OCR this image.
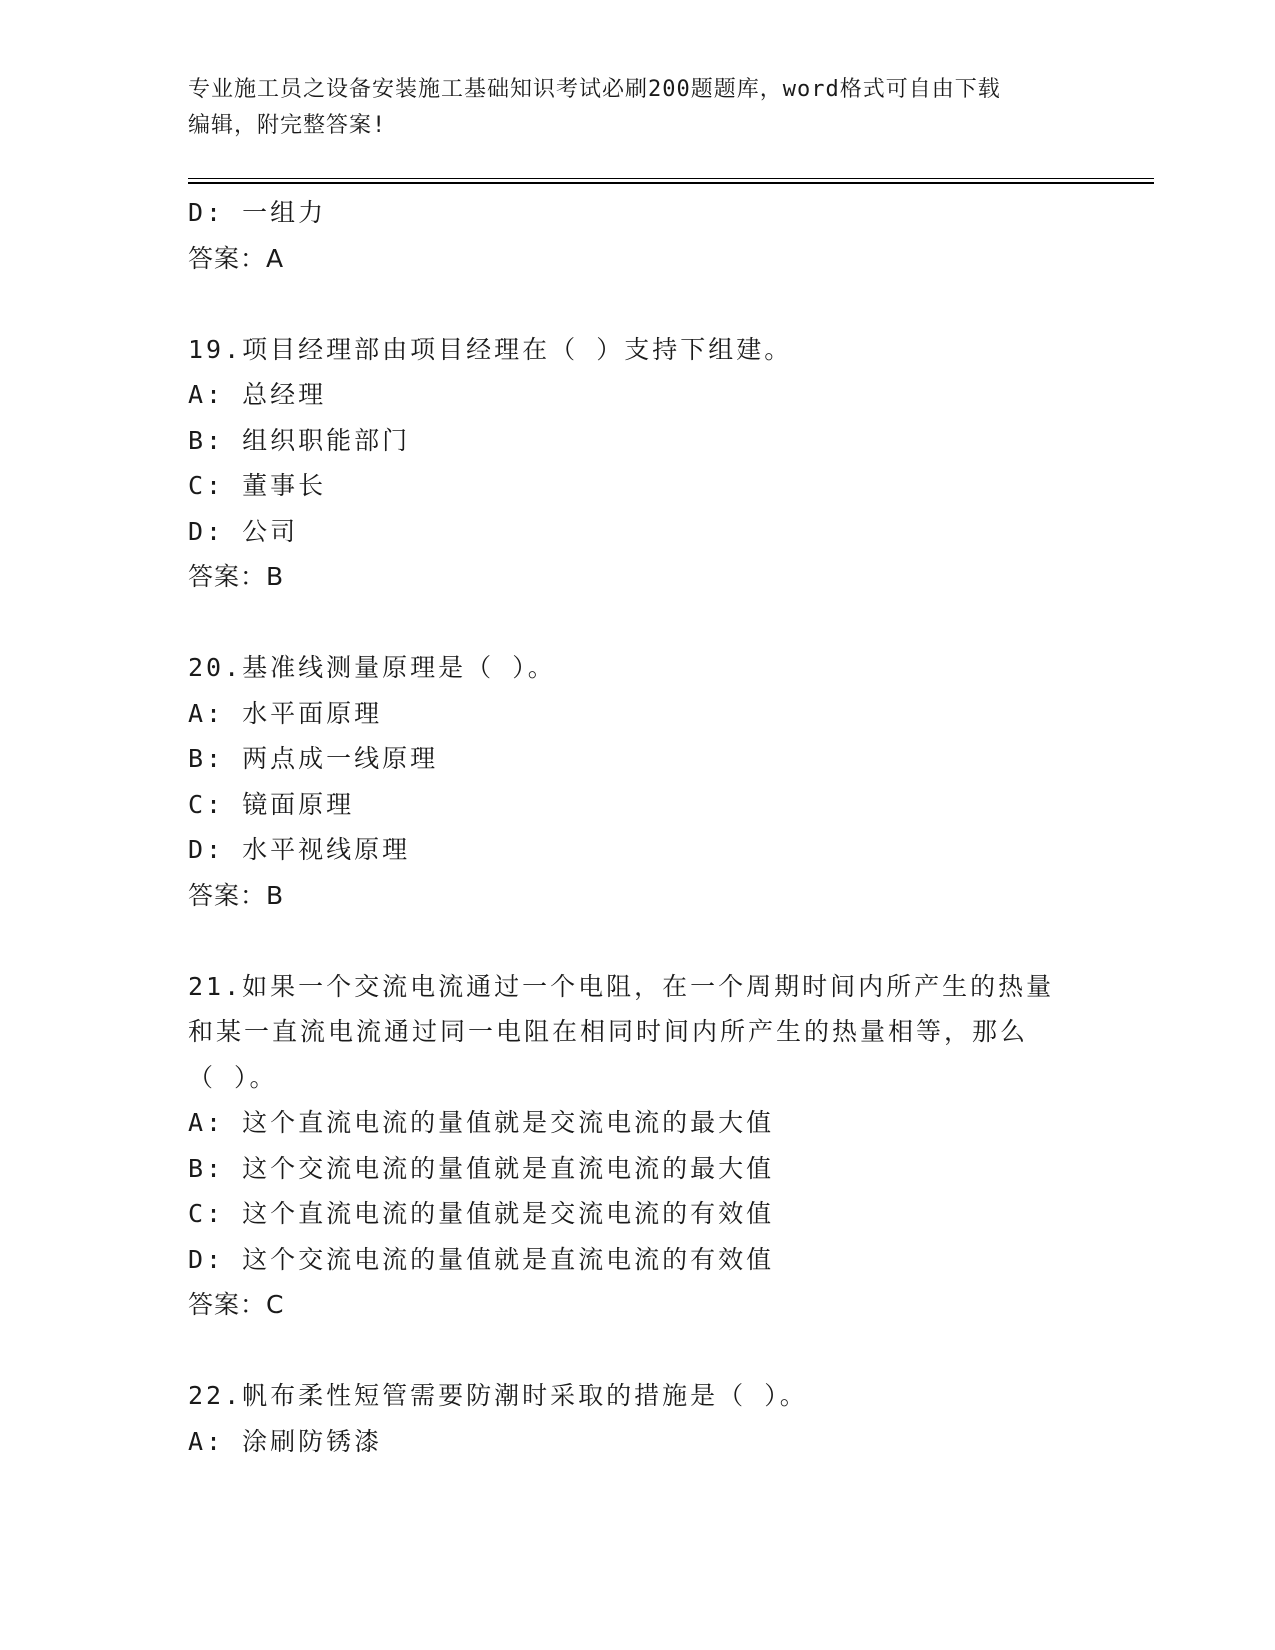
专业施工员之设备安装施工基础知识考试必刷200题题库，word格式可自由下载
编辑，附完整答案!
D: 一组力
答案：A
19.项目经理部由项目经理在（ ）支持下组建。
A: 总经理
B: 组织职能部门
C: 董事长
D: 公司
答案：B
20.基准线测量原理是（ ）。
A: 水平面原理
B: 两点成一线原理
C: 镜面原理
D: 水平视线原理
答案：B
21.如果一个交流电流通过一个电阻，在一个周期时间内所产生的热量
和某一直流电流通过同一电阻在相同时间内所产生的热量相等，那么
（ ）。
A: 这个直流电流的量值就是交流电流的最大值
B: 这个交流电流的量值就是直流电流的最大值
C: 这个直流电流的量值就是交流电流的有效值
D: 这个交流电流的量值就是直流电流的有效值
答案：C
22.帆布柔性短管需要防潮时采取的措施是（ ）。
A: 涂刷防锈漆
